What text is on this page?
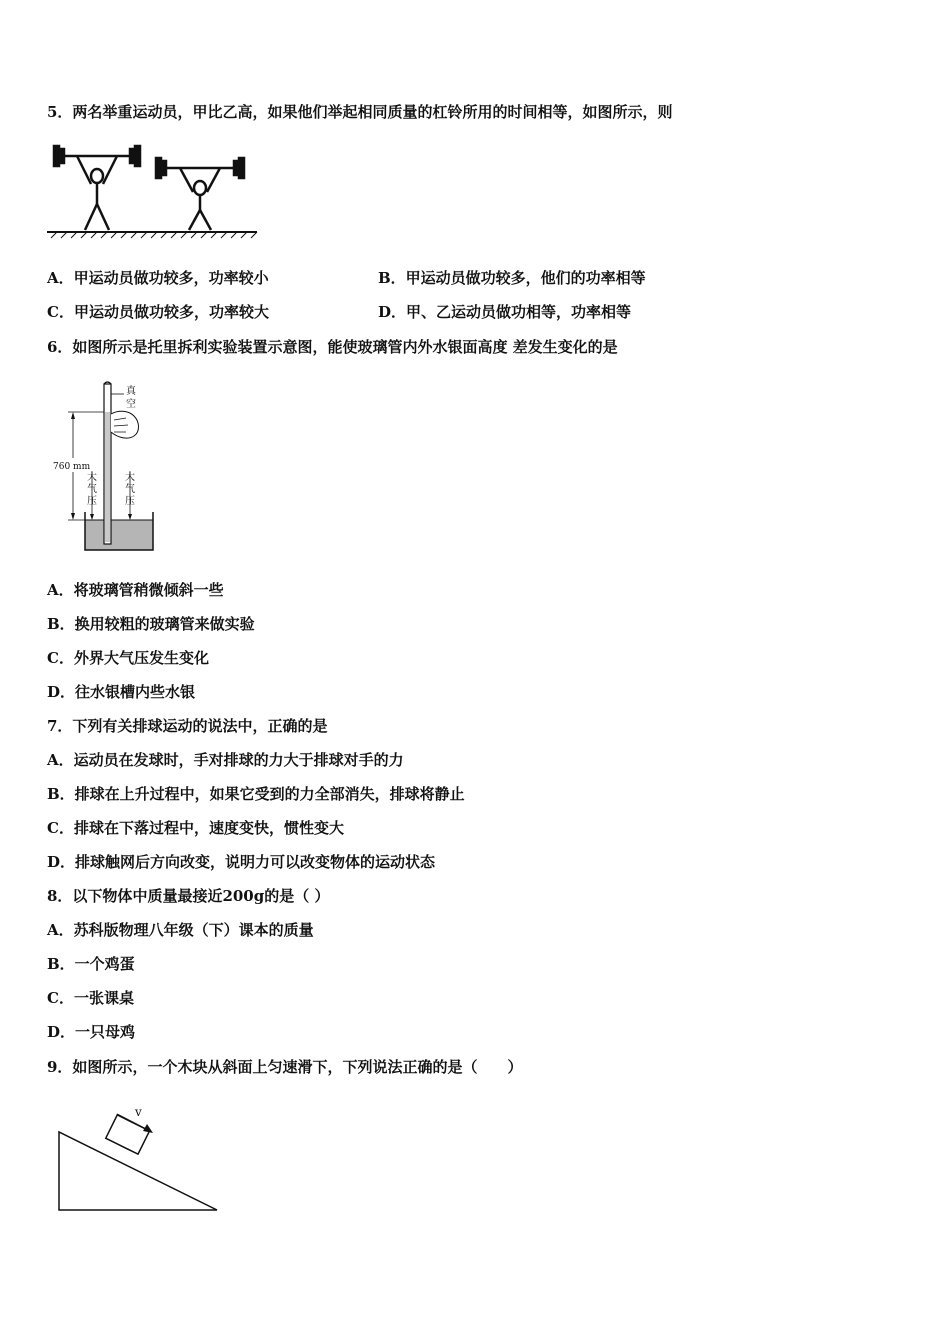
5．两名举重运动员，甲比乙高，如果他们举起相同质量的杠铃所用的时间相等，如图所示，则
A．甲运动员做功较多，功率较小	B．甲运动员做功较多，他们的功率相等
C．甲运动员做功较多，功率较大	D．甲、乙运动员做功相等，功率相等
6．如图所示是托里拆利实验装置示意图，能使玻璃管内外水银面高度 差发生变化的是
760 mm
真
空
大
气
压
大
气
压
A．将玻璃管稍微倾斜一些
B．换用较粗的玻璃管来做实验
C．外界大气压发生变化
D．往水银槽内些水银
7．下列有关排球运动的说法中，正确的是
A．运动员在发球时，手对排球的力大于排球对手的力
B．排球在上升过程中，如果它受到的力全部消失，排球将静止
C．排球在下落过程中，速度变快，惯性变大
D．排球触网后方向改变，说明力可以改变物体的运动状态
8．以下物体中质量最接近200g的是（ ）
A．苏科版物理八年级（下）课本的质量
B．一个鸡蛋
C．一张课桌
D．一只母鸡
9．如图所示，一个木块从斜面上匀速滑下，下列说法正确的是（　　）
v
